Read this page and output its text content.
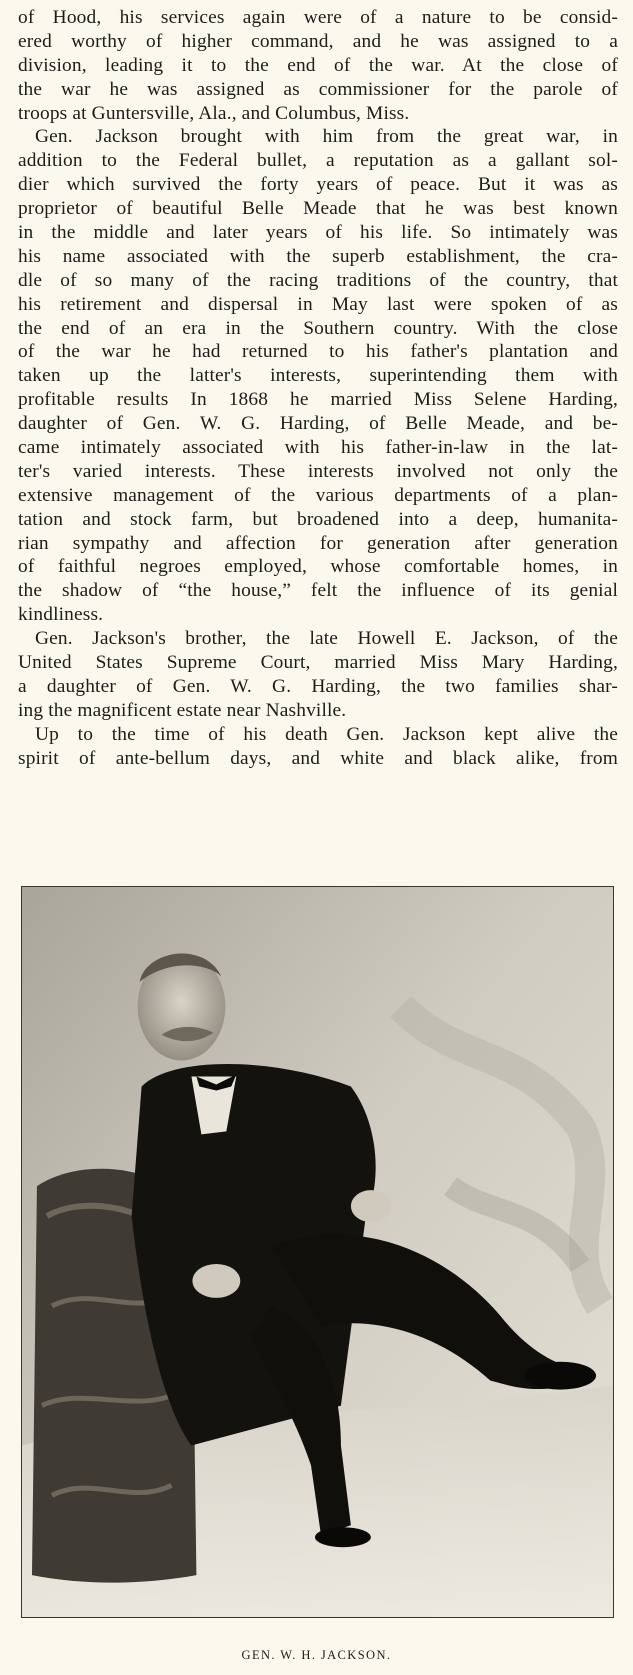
of Hood, his services again were of a nature to be consid-
ered worthy of higher command, and he was assigned to a
division, leading it to the end of the war. At the close of
the war he was assigned as commissioner for the parole of
troops at Guntersville, Ala., and Columbus, Miss.
Gen. Jackson brought with him from the great war, in
addition to the Federal bullet, a reputation as a gallant sol-
dier which survived the forty years of peace. But it was as
proprietor of beautiful Belle Meade that he was best known
in the middle and later years of his life. So intimately was
his name associated with the superb establishment, the cra-
dle of so many of the racing traditions of the country, that
his retirement and dispersal in May last were spoken of as
the end of an era in the Southern country. With the close
of the war he had returned to his father's plantation and
taken up the latter's interests, superintending them with
profitable results In 1868 he married Miss Selene Harding,
daughter of Gen. W. G. Harding, of Belle Meade, and be-
came intimately associated with his father-in-law in the lat-
ter's varied interests. These interests involved not only the
extensive management of the various departments of a plan-
tation and stock farm, but broadened into a deep, humanita-
rian sympathy and affection for generation after generation
of faithful negroes employed, whose comfortable homes, in
the shadow of “the house,” felt the influence of its genial
kindliness.
Gen. Jackson's brother, the late Howell E. Jackson, of the
United States Supreme Court, married Miss Mary Harding,
a daughter of Gen. W. G. Harding, the two families shar-
ing the magnificent estate near Nashville.
Up to the time of his death Gen. Jackson kept alive the
spirit of ante-bellum days, and white and black alike, from
GEN. W. H. JACKSON.
